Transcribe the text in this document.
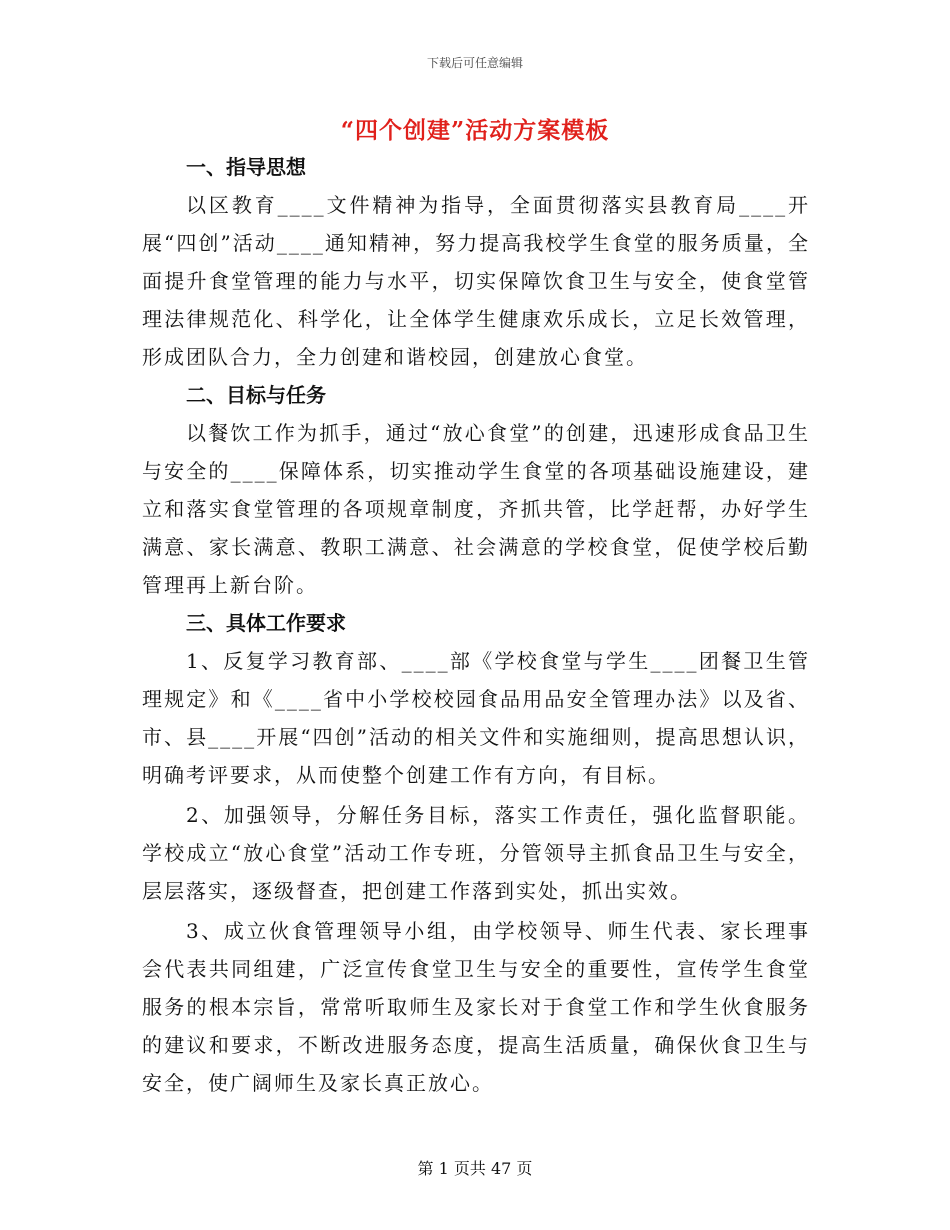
下载后可任意编辑
“四个创建”活动方案模板

一、指导思想

以区教育____文件精神为指导，全面贯彻落实县教育局____开展“四创”活动____通知精神，努力提高我校学生食堂的服务质量，全面提升食堂管理的能力与水平，切实保障饮食卫生与安全，使食堂管理法律规范化、科学化，让全体学生健康欢乐成长，立足长效管理，形成团队合力，全力创建和谐校园，创建放心食堂。

二、目标与任务

以餐饮工作为抓手，通过“放心食堂”的创建，迅速形成食品卫生与安全的____保障体系，切实推动学生食堂的各项基础设施建设，建立和落实食堂管理的各项规章制度，齐抓共管，比学赶帮，办好学生满意、家长满意、教职工满意、社会满意的学校食堂，促使学校后勤管理再上新台阶。

三、具体工作要求

1、反复学习教育部、____部《学校食堂与学生____团餐卫生管理规定》和《____省中小学校校园食品用品安全管理办法》以及省、市、县____开展“四创”活动的相关文件和实施细则，提高思想认识，明确考评要求，从而使整个创建工作有方向，有目标。

2、加强领导，分解任务目标，落实工作责任，强化监督职能。学校成立“放心食堂”活动工作专班，分管领导主抓食品卫生与安全，层层落实，逐级督查，把创建工作落到实处，抓出实效。

3、成立伙食管理领导小组，由学校领导、师生代表、家长理事会代表共同组建，广泛宣传食堂卫生与安全的重要性，宣传学生食堂服务的根本宗旨，常常听取师生及家长对于食堂工作和学生伙食服务的建议和要求，不断改进服务态度，提高生活质量，确保伙食卫生与安全，使广阔师生及家长真正放心。

第 1 页共 47 页
